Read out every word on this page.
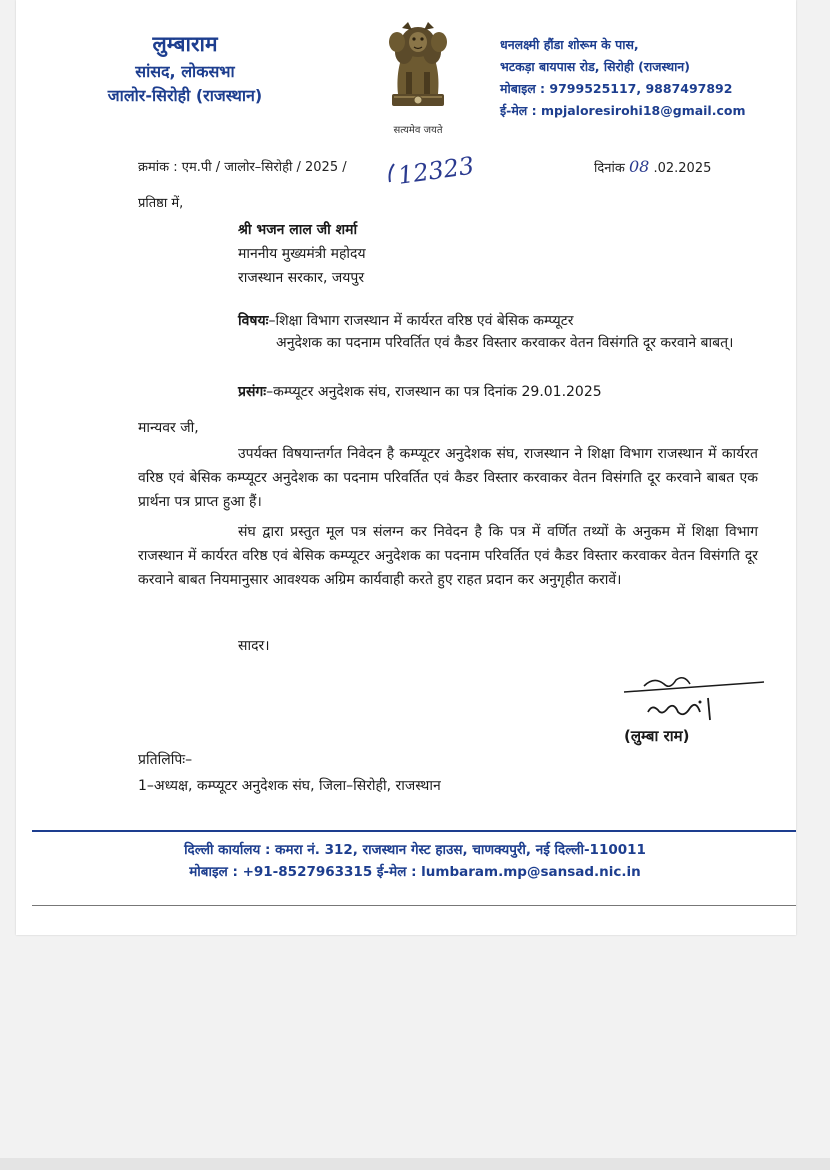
लुम्बाराम
सांसद, लोकसभा
जालोर-सिरोही (राजस्थान)
सत्यमेव जयते
धनलक्ष्मी हौंडा शोरूम के पास,
भटकड़ा बायपास रोड, सिरोही (राजस्थान)
मोबाइल : 9799525117, 9887497892
ई-मेल : mpjaloresirohi18@gmail.com
क्रमांक : एम.पी / जालोर–सिरोही / 2025 / 12323	दिनांक 08 .02.2025
प्रतिष्ठा में,
श्री भजन लाल जी शर्मा
माननीय मुख्यमंत्री महोदय
राजस्थान सरकार, जयपुर
विषयः–शिक्षा विभाग राजस्थान में कार्यरत वरिष्ठ एवं बेसिक कम्प्यूटर
अनुदेशक का पदनाम परिवर्तित एवं कैडर विस्तार करवाकर वेतन विसंगति दूर करवाने बाबत्।
प्रसंगः–कम्प्यूटर अनुदेशक संघ, राजस्थान का पत्र दिनांक 29.01.2025
मान्यवर जी,
उपर्यक्त विषयान्तर्गत निवेदन है कम्प्यूटर अनुदेशक संघ, राजस्थान ने शिक्षा विभाग राजस्थान में कार्यरत वरिष्ठ एवं बेसिक कम्प्यूटर अनुदेशक का पदनाम परिवर्तित एवं कैडर विस्तार करवाकर वेतन विसंगति दूर करवाने बाबत एक प्रार्थना पत्र प्राप्त हुआ हैं।
संघ द्वारा प्रस्तुत मूल पत्र संलग्न कर निवेदन है कि पत्र में वर्णित तथ्यों के अनुकम में शिक्षा विभाग राजस्थान में कार्यरत वरिष्ठ एवं बेसिक कम्प्यूटर अनुदेशक का पदनाम परिवर्तित एवं कैडर विस्तार करवाकर वेतन विसंगति दूर करवाने बाबत नियमानुसार आवश्यक अग्रिम कार्यवाही करते हुए राहत प्रदान कर अनुगृहीत करावें।
सादर।
(लुम्बा राम)
प्रतिलिपिः–
1–अध्यक्ष, कम्प्यूटर अनुदेशक संघ, जिला–सिरोही, राजस्थान
दिल्ली कार्यालय : कमरा नं. 312, राजस्थान गेस्ट हाउस, चाणक्यपुरी, नई दिल्ली-110011
मोबाइल : +91-8527963315 ई-मेल : lumbaram.mp@sansad.nic.in
